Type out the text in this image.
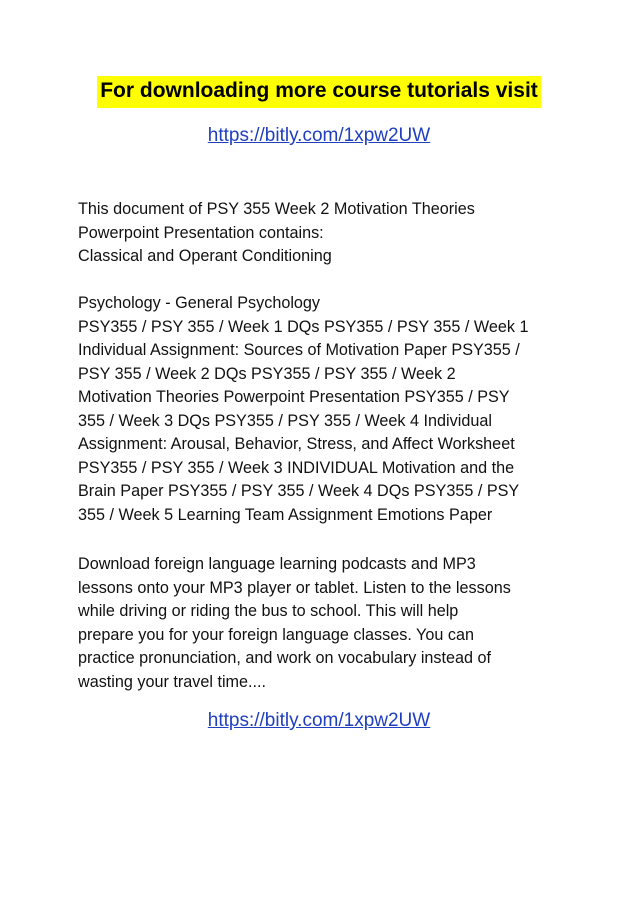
For downloading more course tutorials visit
https://bitly.com/1xpw2UW

This document of PSY 355 Week 2 Motivation Theories

Powerpoint Presentation contains:

Classical and Operant Conditioning

Psychology - General Psychology

PSY355 / PSY 355 / Week 1 DQs PSY355 / PSY 355 / Week 1

Individual Assignment: Sources of Motivation Paper PSY355 /

PSY 355 / Week 2 DQs PSY355 / PSY 355 / Week 2

Motivation Theories Powerpoint Presentation PSY355 / PSY

355 / Week 3 DQs PSY355 / PSY 355 / Week 4 Individual

Assignment: Arousal, Behavior, Stress, and Affect Worksheet

PSY355 / PSY 355 / Week 3 INDIVIDUAL Motivation and the

Brain Paper PSY355 / PSY 355 / Week 4 DQs PSY355 / PSY

355 / Week 5 Learning Team Assignment Emotions Paper

Download foreign language learning podcasts and MP3

lessons onto your MP3 player or tablet. Listen to the lessons

while driving or riding the bus to school. This will help

prepare you for your foreign language classes. You can

practice pronunciation, and work on vocabulary instead of

wasting your travel time....

https://bitly.com/1xpw2UW
